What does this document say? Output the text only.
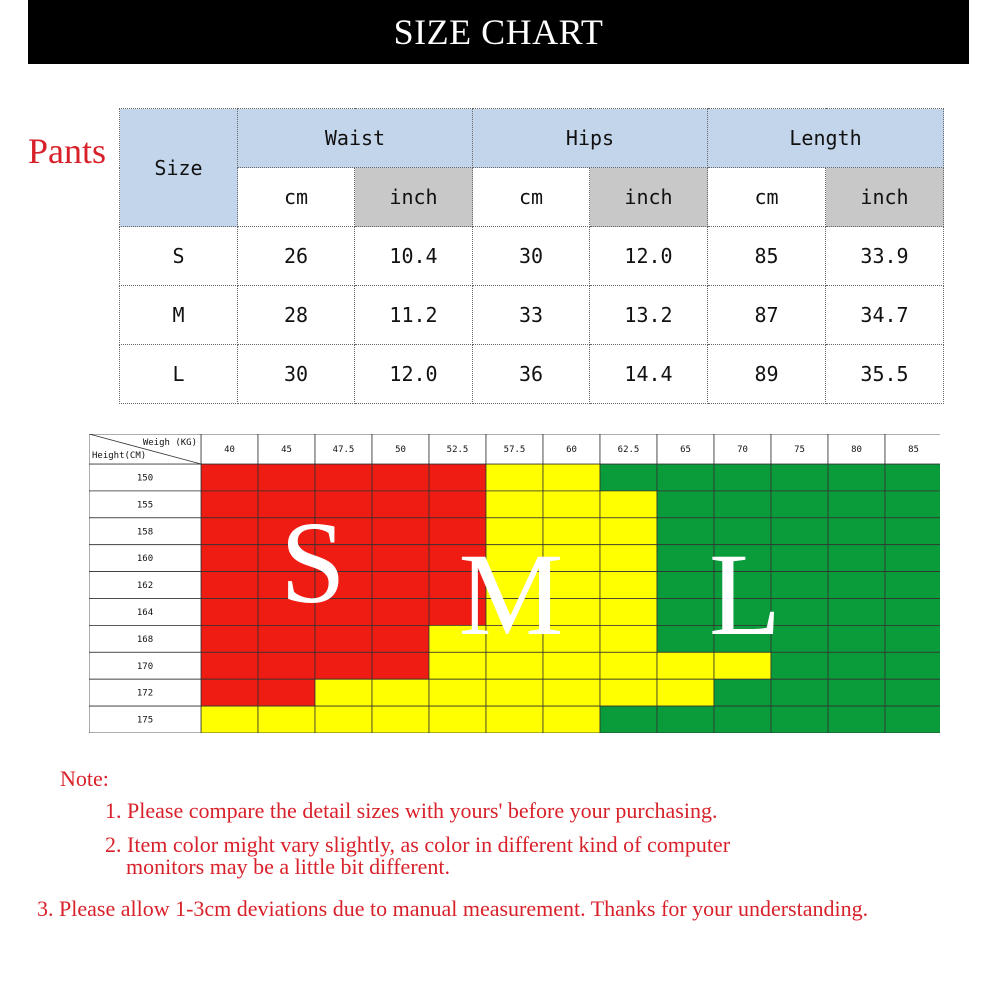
SIZE CHART
Pants Size	Waist		Hips		Length	
	cm	inch	cm	inch	cm	inch
S	26	10.4	30	12.0	85	33.9
M	28	11.2	33	13.2	87	34.7
L	30	12.0	36	14.4	89	35.5
150
155
158
160
162
164
168
170
172
175
40	45	47.5	50	52.5	57.5	60	62.5	65	70	75	80	85
Weigh (KG)
Height(CM)
S M L
Note:
1. Please compare the detail sizes with yours' before your purchasing.
2. Item color might vary slightly, as color in different kind of computer
monitors may be a little bit different.
3. Please allow 1-3cm deviations due to manual measurement. Thanks for your understanding.
